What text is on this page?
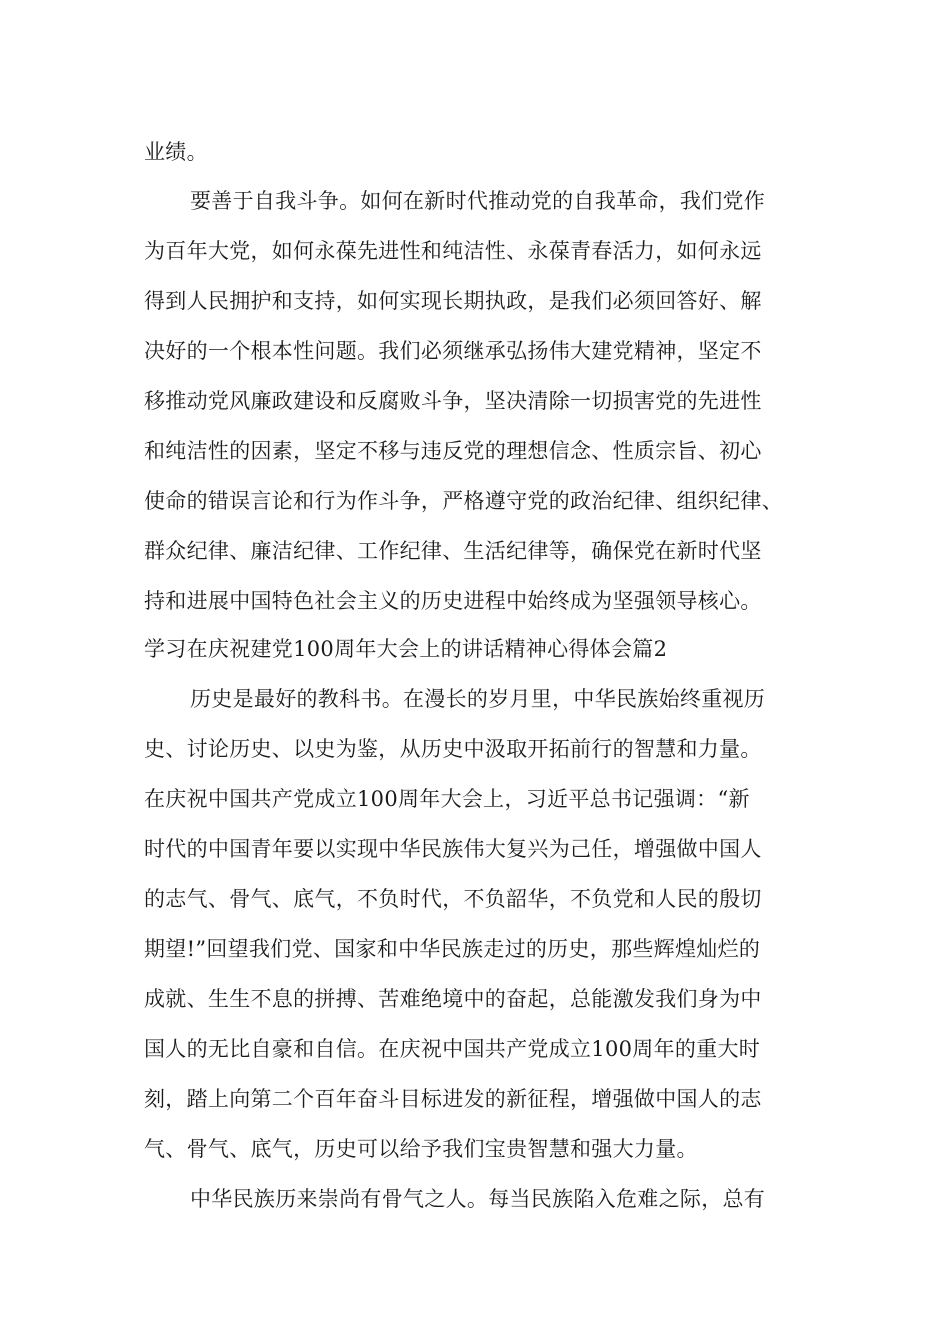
业绩。
要善于自我斗争。如何在新时代推动党的自我革命，我们党作
为百年大党，如何永葆先进性和纯洁性、永葆青春活力，如何永远
得到人民拥护和支持，如何实现长期执政，是我们必须回答好、解
决好的一个根本性问题。我们必须继承弘扬伟大建党精神，坚定不
移推动党风廉政建设和反腐败斗争，坚决清除一切损害党的先进性
和纯洁性的因素，坚定不移与违反党的理想信念、性质宗旨、初心
使命的错误言论和行为作斗争，严格遵守党的政治纪律、组织纪律、
群众纪律、廉洁纪律、工作纪律、生活纪律等，确保党在新时代坚
持和进展中国特色社会主义的历史进程中始终成为坚强领导核心。
学习在庆祝建党100周年大会上的讲话精神心得体会篇2
历史是最好的教科书。在漫长的岁月里，中华民族始终重视历
史、讨论历史、以史为鉴，从历史中汲取开拓前行的智慧和力量。
在庆祝中国共产党成立100周年大会上，习近平总书记强调：“新
时代的中国青年要以实现中华民族伟大复兴为己任，增强做中国人
的志气、骨气、底气，不负时代，不负韶华，不负党和人民的殷切
期望!”回望我们党、国家和中华民族走过的历史，那些辉煌灿烂的
成就、生生不息的拼搏、苦难绝境中的奋起，总能激发我们身为中
国人的无比自豪和自信。在庆祝中国共产党成立100周年的重大时
刻，踏上向第二个百年奋斗目标进发的新征程，增强做中国人的志
气、骨气、底气，历史可以给予我们宝贵智慧和强大力量。
中华民族历来崇尚有骨气之人。每当民族陷入危难之际，总有
